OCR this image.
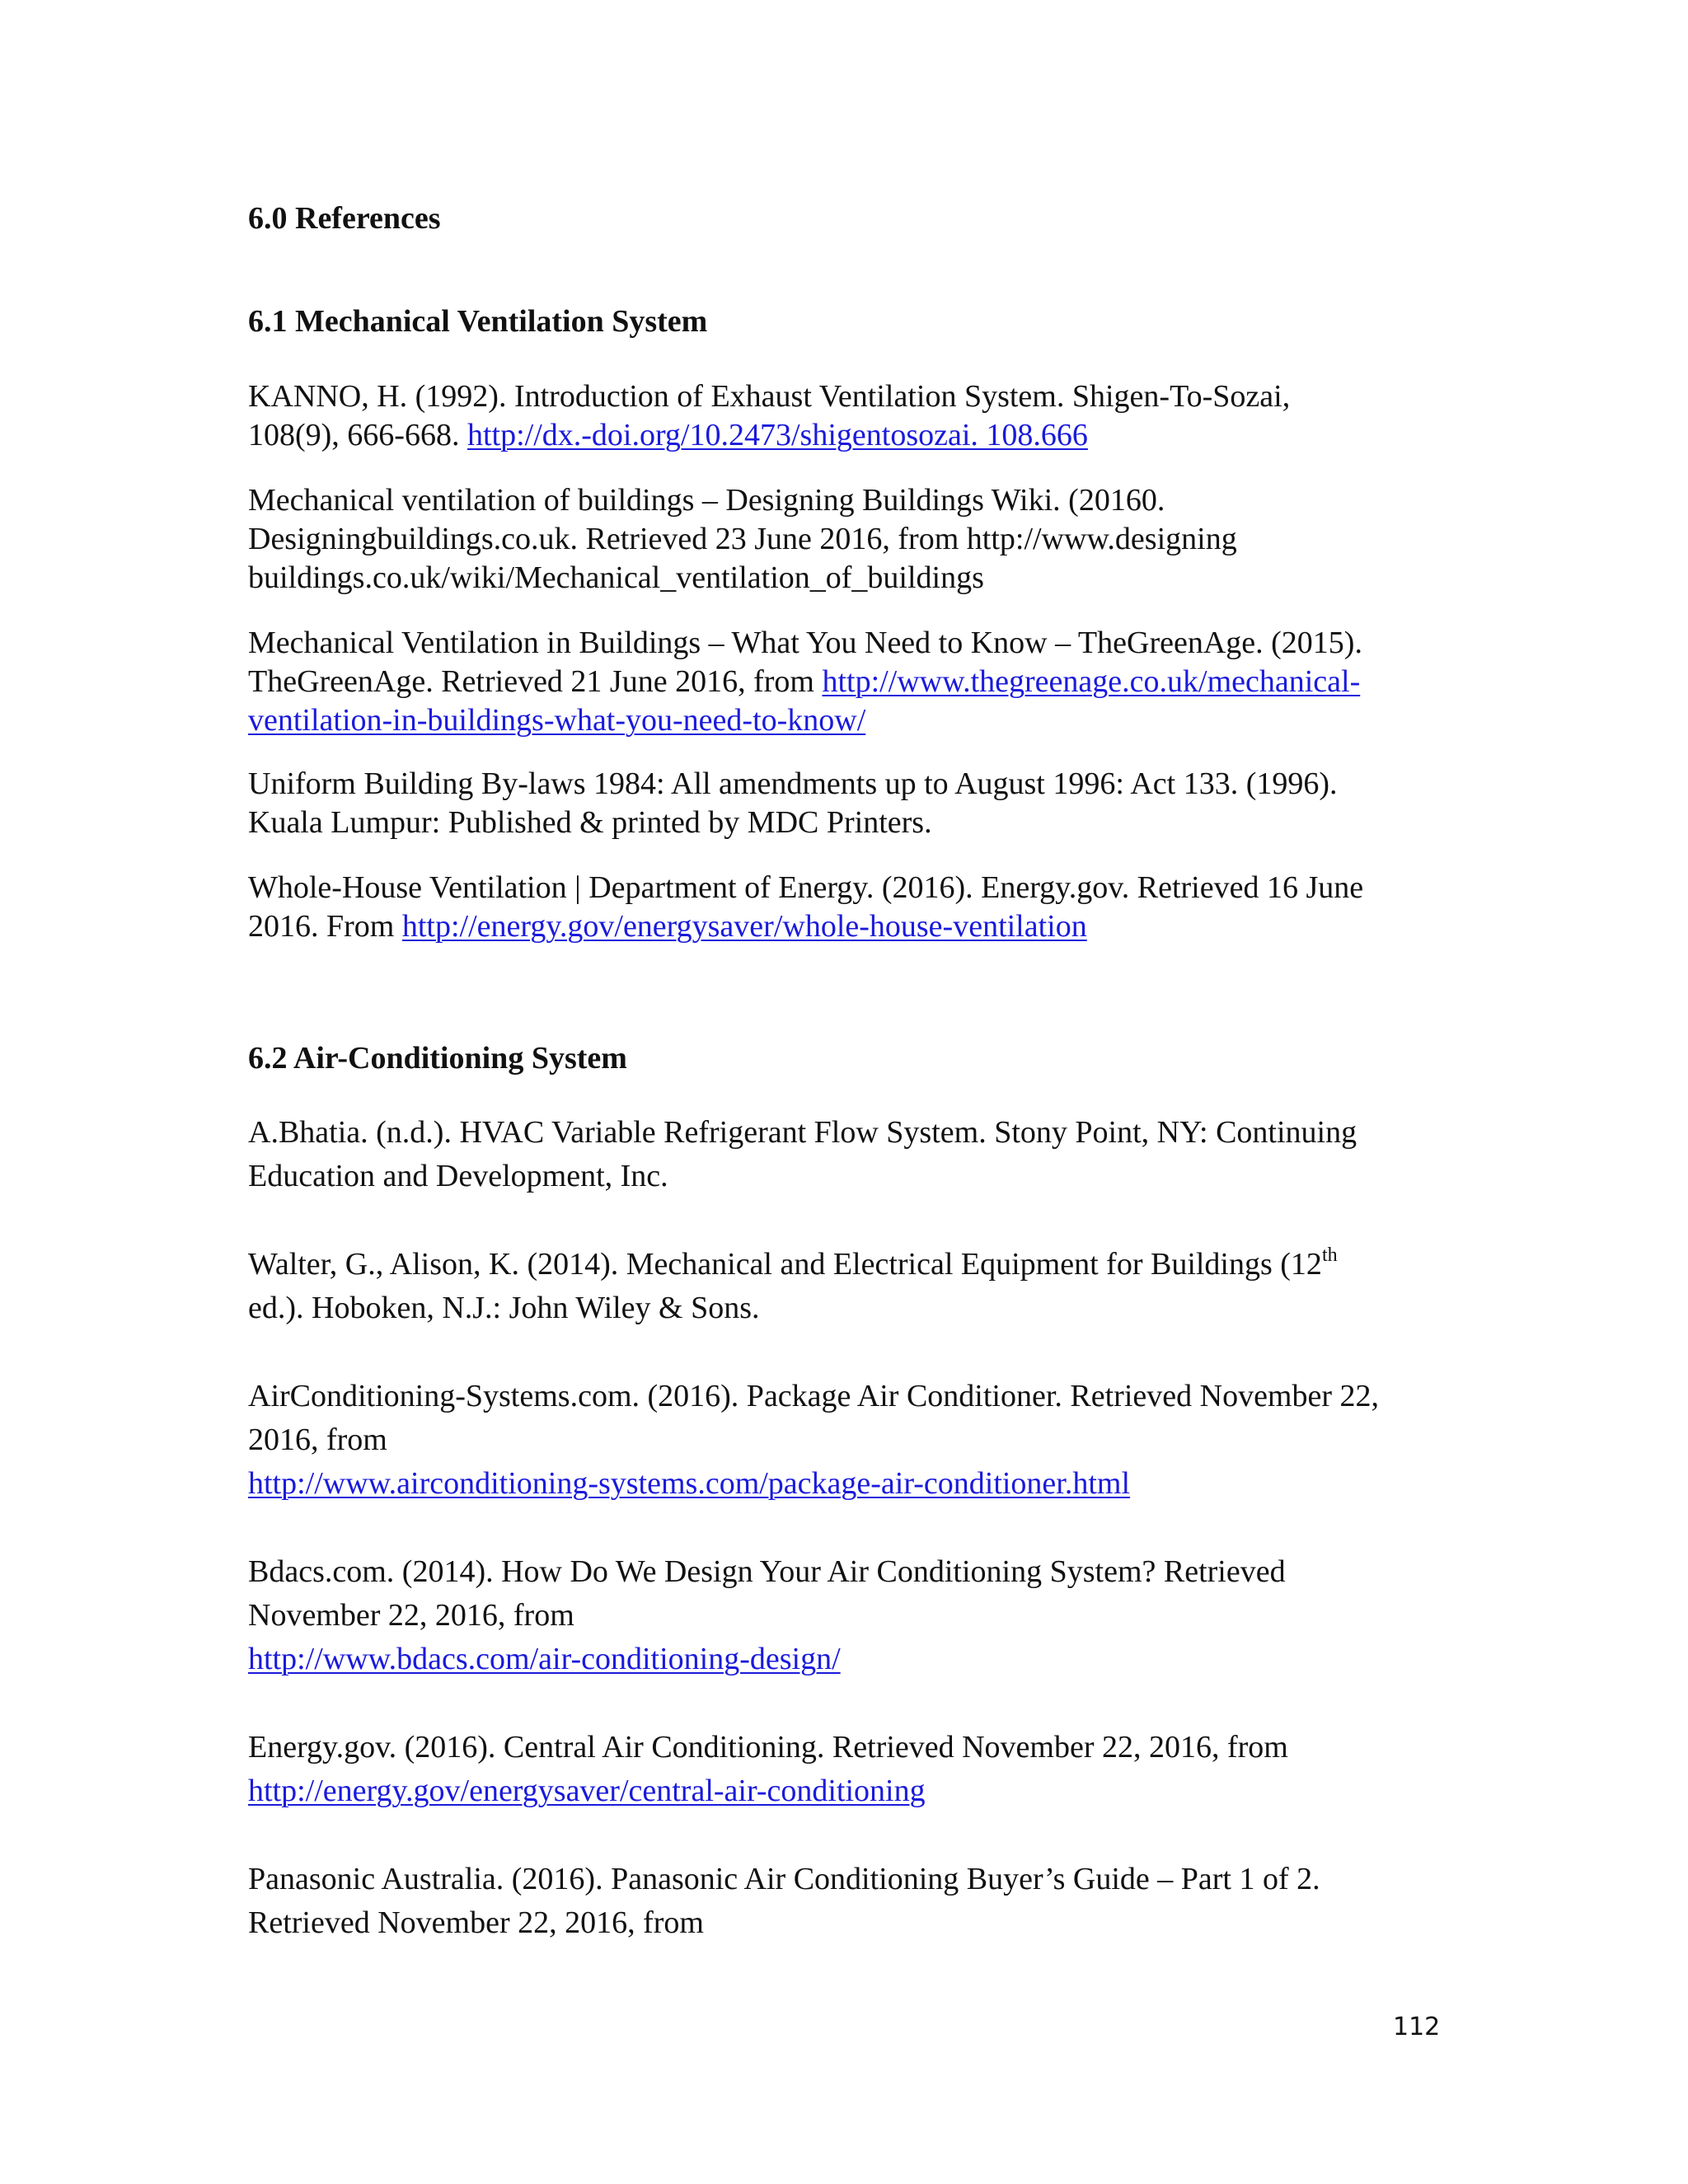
6.0 References
6.1 Mechanical Ventilation System
KANNO, H. (1992). Introduction of Exhaust Ventilation System. Shigen-To-Sozai,
108(9), 666-668. http://dx.-doi.org/10.2473/shigentosozai. 108.666
Mechanical ventilation of buildings – Designing Buildings Wiki. (20160.
Designingbuildings.co.uk. Retrieved 23 June 2016, from http://www.designing
buildings.co.uk/wiki/Mechanical_ventilation_of_buildings
Mechanical Ventilation in Buildings – What You Need to Know – TheGreenAge. (2015).
TheGreenAge. Retrieved 21 June 2016, from http://www.thegreenage.co.uk/mechanical-
ventilation-in-buildings-what-you-need-to-know/
Uniform Building By-laws 1984: All amendments up to August 1996: Act 133. (1996).
Kuala Lumpur: Published & printed by MDC Printers.
Whole-House Ventilation | Department of Energy. (2016). Energy.gov. Retrieved 16 June
2016. From http://energy.gov/energysaver/whole-house-ventilation
6.2 Air-Conditioning System
A.Bhatia. (n.d.). HVAC Variable Refrigerant Flow System. Stony Point, NY: Continuing
Education and Development, Inc.
Walter, G., Alison, K. (2014). Mechanical and Electrical Equipment for Buildings (12th
ed.). Hoboken, N.J.: John Wiley & Sons.
AirConditioning-Systems.com. (2016). Package Air Conditioner. Retrieved November 22,
2016, from
http://www.airconditioning-systems.com/package-air-conditioner.html
Bdacs.com. (2014). How Do We Design Your Air Conditioning System? Retrieved
November 22, 2016, from
http://www.bdacs.com/air-conditioning-design/
Energy.gov. (2016). Central Air Conditioning. Retrieved November 22, 2016, from
http://energy.gov/energysaver/central-air-conditioning
Panasonic Australia. (2016). Panasonic Air Conditioning Buyer’s Guide – Part 1 of 2.
Retrieved November 22, 2016, from
112
